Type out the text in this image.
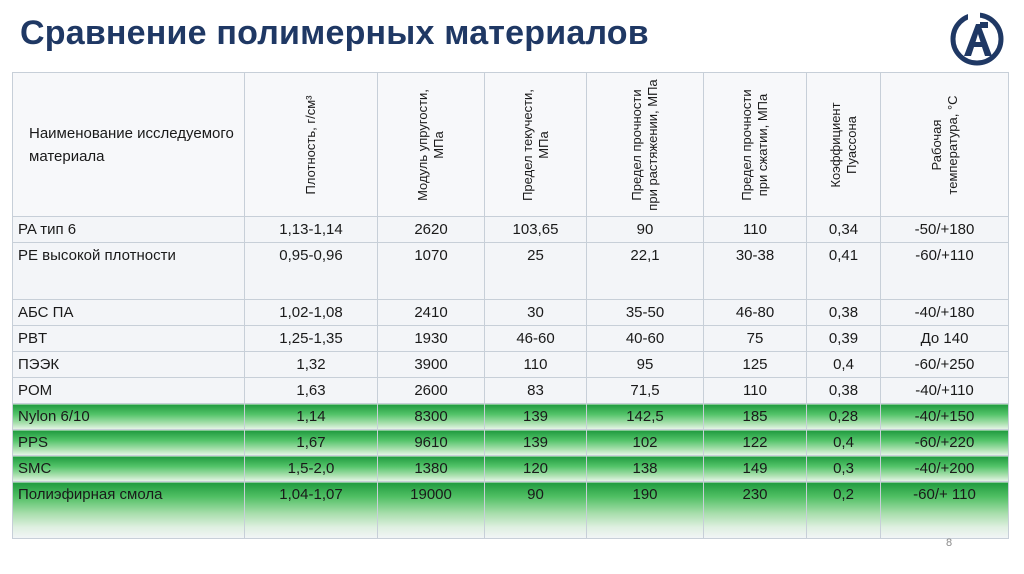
Сравнение полимерных материалов
Наименование исследуемого материала	Плотность, г/см³	Модуль упругости, МПа	Предел текучести, МПа	Предел прочности при растяжении, МПа	Предел прочности при сжатии, МПа	Коэффициент Пуассона	Рабочая температура, °С

PA тип 6	1,13-1,14	2620	103,65	90	110	0,34	-50/+180
PE высокой плотности	0,95-0,96	1070	25	22,1	30-38	0,41	-60/+110
АБС ПА	1,02-1,08	2410	30	35-50	46-80	0,38	-40/+180
PBT	1,25-1,35	1930	46-60	40-60	75	0,39	До 140
ПЭЭК	1,32	3900	110	95	125	0,4	-60/+250
POM	1,63	2600	83	71,5	110	0,38	-40/+110
Nylon 6/10	1,14	8300	139	142,5	185	0,28	-40/+150
PPS	1,67	9610	139	102	122	0,4	-60/+220
SMC	1,5-2,0	1380	120	138	149	0,3	-40/+200
Полиэфирная смола	1,04-1,07	19000	90	190	230	0,2	-60/+ 110
8
